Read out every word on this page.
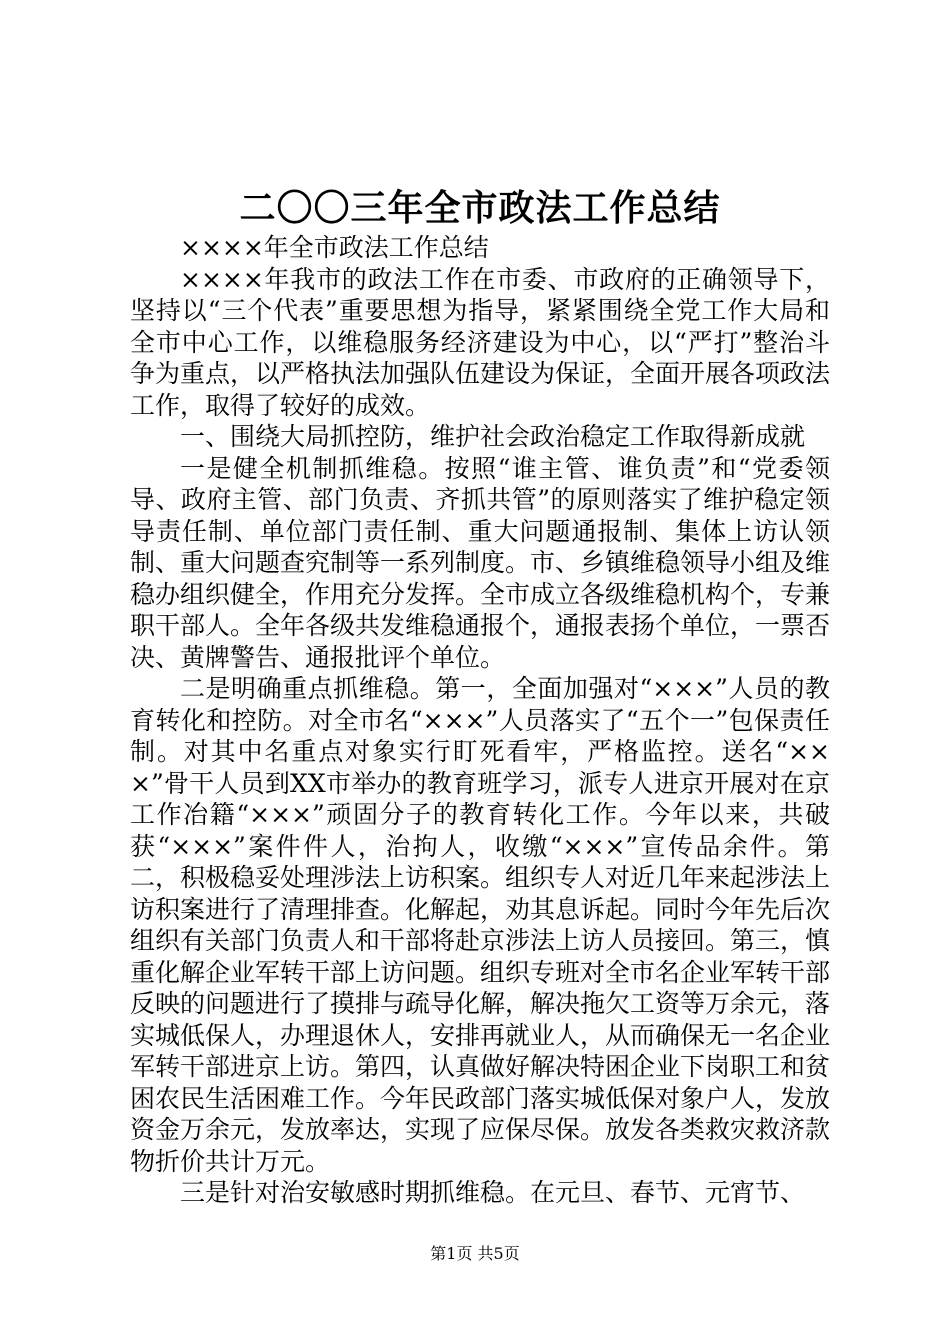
二〇〇三年全市政法工作总结

××××年全市政法工作总结

××××年我市的政法工作在市委、市政府的正确领导下，坚持以“三个代表”重要思想为指导，紧紧围绕全党工作大局和全市中心工作，以维稳服务经济建设为中心，以“严打”整治斗争为重点，以严格执法加强队伍建设为保证，全面开展各项政法工作，取得了较好的成效。

一、围绕大局抓控防，维护社会政治稳定工作取得新成就

一是健全机制抓维稳。按照“谁主管、谁负责”和“党委领导、政府主管、部门负责、齐抓共管”的原则落实了维护稳定领导责任制、单位部门责任制、重大问题通报制、集体上访认领制、重大问题查究制等一系列制度。市、乡镇维稳领导小组及维稳办组织健全，作用充分发挥。全市成立各级维稳机构个，专兼职干部人。全年各级共发维稳通报个，通报表扬个单位，一票否决、黄牌警告、通报批评个单位。

二是明确重点抓维稳。第一，全面加强对“×××”人员的教育转化和控防。对全市名“×××”人员落实了“五个一”包保责任制。对其中名重点对象实行盯死看牢，严格监控。送名“×××”骨干人员到XX市举办的教育班学习，派专人进京开展对在京工作冶籍“×××”顽固分子的教育转化工作。今年以来，共破获“×××”案件件人，治拘人，收缴“×××”宣传品余件。第二，积极稳妥处理涉法上访积案。组织专人对近几年来起涉法上访积案进行了清理排查。化解起，劝其息诉起。同时今年先后次组织有关部门负责人和干部将赴京涉法上访人员接回。第三，慎重化解企业军转干部上访问题。组织专班对全市名企业军转干部反映的问题进行了摸排与疏导化解，解决拖欠工资等万余元，落实城低保人，办理退休人，安排再就业人，从而确保无一名企业军转干部进京上访。第四，认真做好解决特困企业下岗职工和贫困农民生活困难工作。今年民政部门落实城低保对象户人，发放资金万余元，发放率达，实现了应保尽保。放发各类救灾救济款物折价共计万元。

三是针对治安敏感时期抓维稳。在元旦、春节、元宵节、

第1页 共5页
